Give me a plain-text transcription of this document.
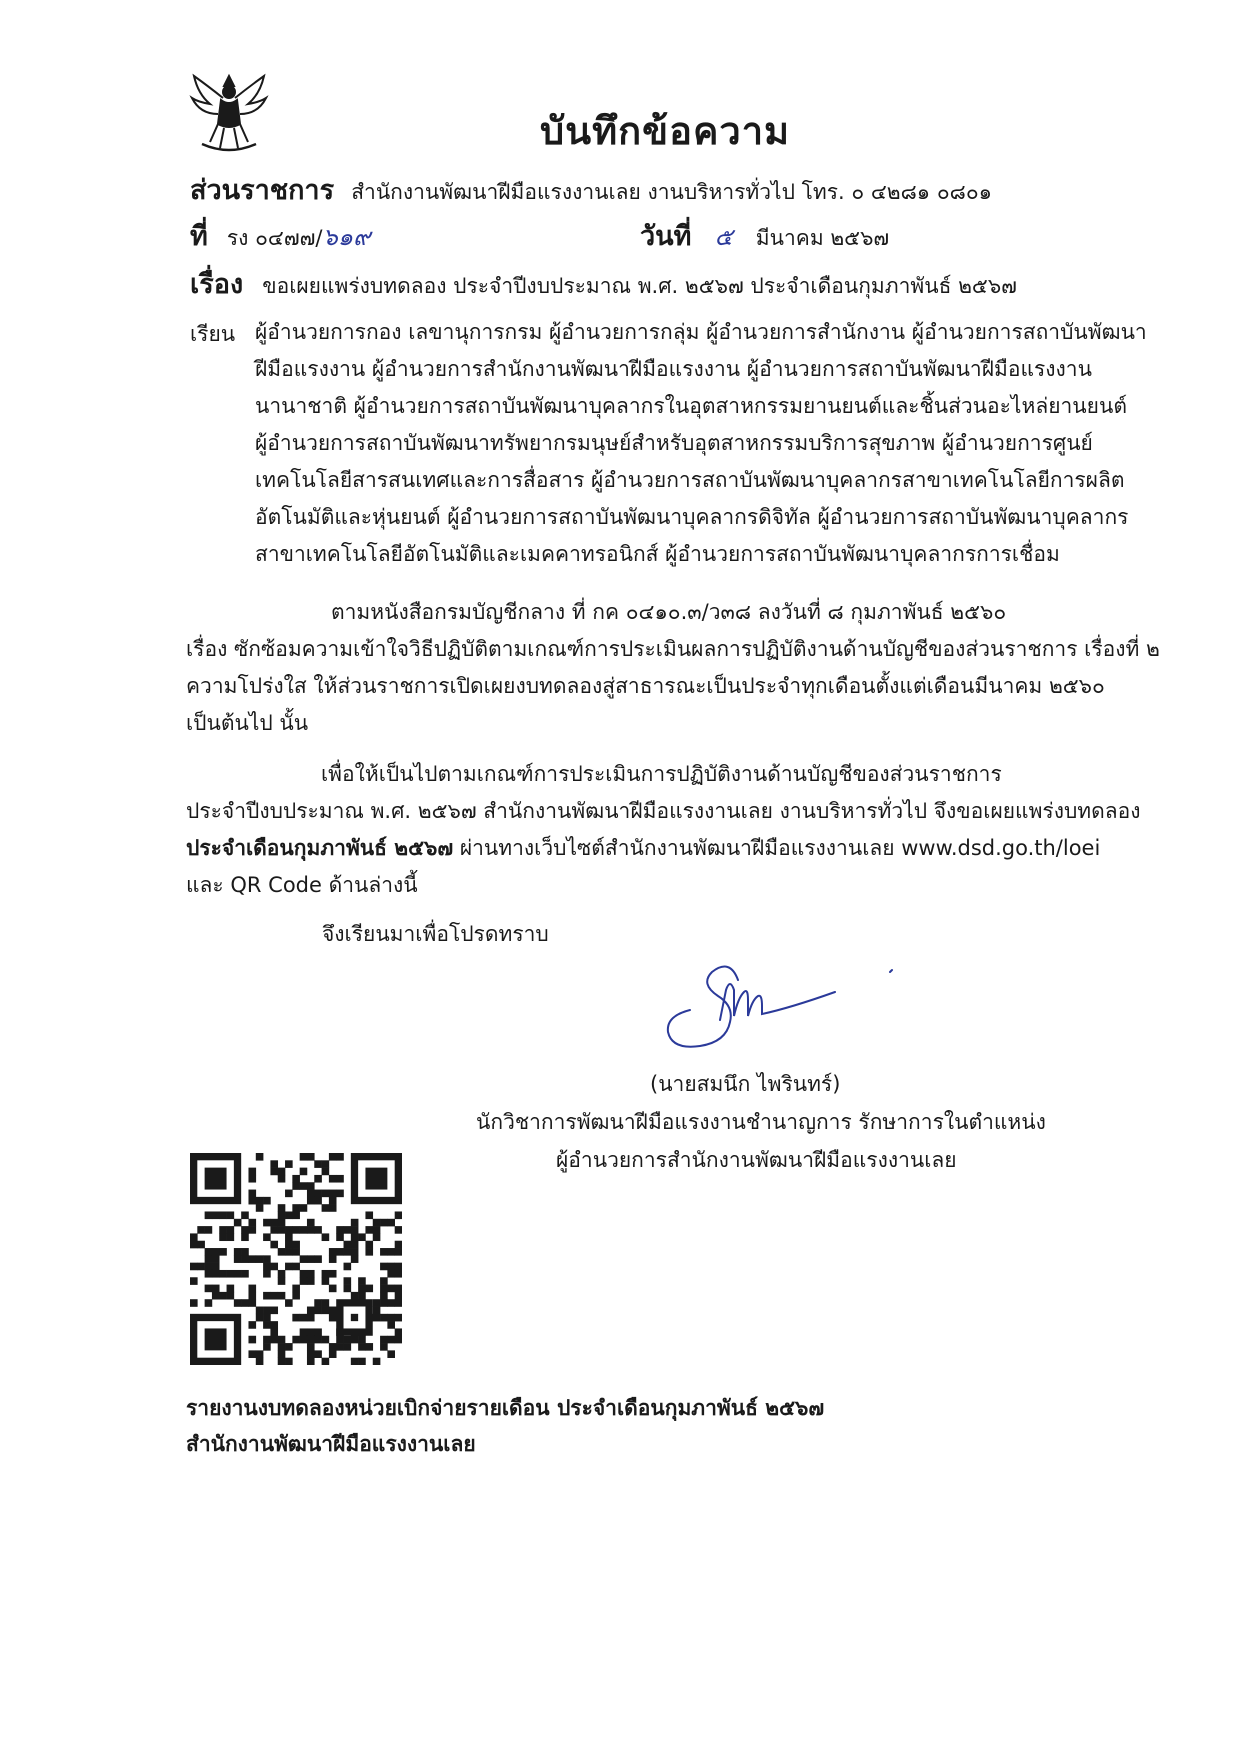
บันทึกข้อความ
ส่วนราชการ สำนักงานพัฒนาฝีมือแรงงานเลย งานบริหารทั่วไป โทร. ๐ ๔๒๘๑ ๐๘๐๑
ที่ รง ๐๔๗๗/๖๑๙	วันที่ ๕ มีนาคม ๒๕๖๗
เรื่อง ขอเผยแพร่งบทดลอง ประจำปีงบประมาณ พ.ศ. ๒๕๖๗ ประจำเดือนกุมภาพันธ์ ๒๕๖๗
เรียน ผู้อำนวยการกอง เลขานุการกรม ผู้อำนวยการกลุ่ม ผู้อำนวยการสำนักงาน ผู้อำนวยการสถาบันพัฒนา
ฝีมือแรงงาน ผู้อำนวยการสำนักงานพัฒนาฝีมือแรงงาน ผู้อำนวยการสถาบันพัฒนาฝีมือแรงงาน
นานาชาติ ผู้อำนวยการสถาบันพัฒนาบุคลากรในอุตสาหกรรมยานยนต์และชิ้นส่วนอะไหล่ยานยนต์
ผู้อำนวยการสถาบันพัฒนาทรัพยากรมนุษย์สำหรับอุตสาหกรรมบริการสุขภาพ ผู้อำนวยการศูนย์
เทคโนโลยีสารสนเทศและการสื่อสาร ผู้อำนวยการสถาบันพัฒนาบุคลากรสาขาเทคโนโลยีการผลิต
อัตโนมัติและหุ่นยนต์ ผู้อำนวยการสถาบันพัฒนาบุคลากรดิจิทัล ผู้อำนวยการสถาบันพัฒนาบุคลากร
สาขาเทคโนโลยีอัตโนมัติและเมคคาทรอนิกส์ ผู้อำนวยการสถาบันพัฒนาบุคลากรการเชื่อม
ตามหนังสือกรมบัญชีกลาง ที่ กค ๐๔๑๐.๓/ว๓๘ ลงวันที่ ๘ กุมภาพันธ์ ๒๕๖๐
เรื่อง ซักซ้อมความเข้าใจวิธีปฏิบัติตามเกณฑ์การประเมินผลการปฏิบัติงานด้านบัญชีของส่วนราชการ เรื่องที่ ๒
ความโปร่งใส ให้ส่วนราชการเปิดเผยงบทดลองสู่สาธารณะเป็นประจำทุกเดือนตั้งแต่เดือนมีนาคม ๒๕๖๐
เป็นต้นไป นั้น
เพื่อให้เป็นไปตามเกณฑ์การประเมินการปฏิบัติงานด้านบัญชีของส่วนราชการ
ประจำปีงบประมาณ พ.ศ. ๒๕๖๗ สำนักงานพัฒนาฝีมือแรงงานเลย งานบริหารทั่วไป จึงขอเผยแพร่งบทดลอง
ประจำเดือนกุมภาพันธ์ ๒๕๖๗ ผ่านทางเว็บไซต์สำนักงานพัฒนาฝีมือแรงงานเลย www.dsd.go.th/loei
และ QR Code ด้านล่างนี้
จึงเรียนมาเพื่อโปรดทราบ
(นายสมนึก ไพรินทร์)
นักวิชาการพัฒนาฝีมือแรงงานชำนาญการ รักษาการในตำแหน่ง
ผู้อำนวยการสำนักงานพัฒนาฝีมือแรงงานเลย
รายงานงบทดลองหน่วยเบิกจ่ายรายเดือน ประจำเดือนกุมภาพันธ์ ๒๕๖๗
สำนักงานพัฒนาฝีมือแรงงานเลย
